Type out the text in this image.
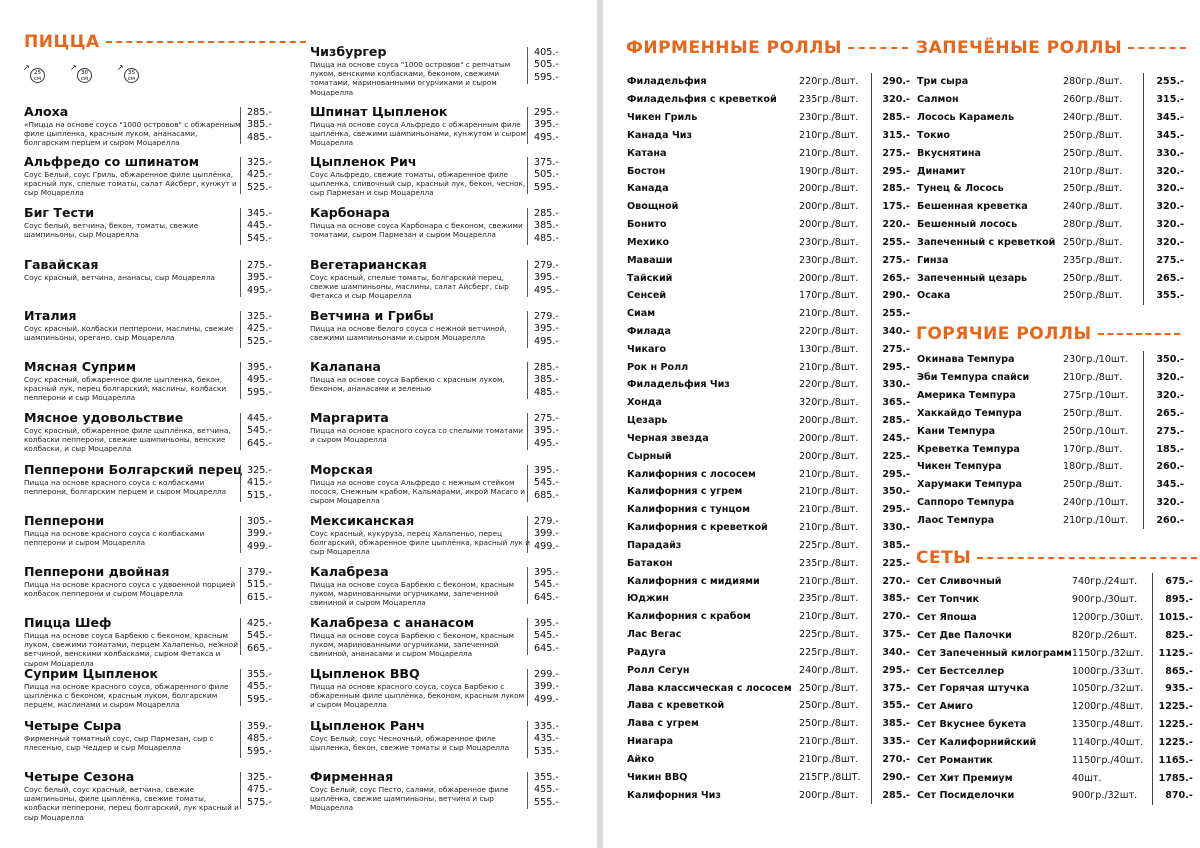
ПИЦЦА
↗
25
см
↗
30
см
↗
35
см
Алоха
«Пицца на основе соуса "1000 островов" с обжаренным филе цыпленка, красным луком, ананасами, болгарским перцем и сыром Моцарелла
285.-
385.-
485.-
Альфредо со шпинатом
Соус Белый, соус Гриль, обжаренное филе цыплёнка, красный лук, спелые томаты, салат Айсберг, кунжут и сыр Моцарелла
325.-
425.-
525.-
Биг Тести
Соус белый, ветчина, бекон, томаты, свежие шампиньоны, сыр Моцарелла
345.-
445.-
545.-
Гавайская
Соус красный, ветчина, ананасы, сыр Моцарелла
275.-
395.-
495.-
Италия
Соус красный, колбаски пепперони, маслины, свежие шампиньоны, орегано, сыр Моцарелла
325.-
425.-
525.-
Мясная Суприм
Соус красный, обжаренное филе цыпленка, бекон, красный лук, перец болгарский, маслины, колбаски пепперони и сыр Моцарелла
395.-
495.-
595.-
Мясное удовольствие
Соус красный, обжаренное филе цыплёнка, ветчина, колбаски пепперони, свежие шампиньоны, венские колбаски, и сыр Моцарелла
445.-
545.-
645.-
Пепперони Болгарский перец
Пицца на основе красного соуса с колбасками пепперони, болгарским перцем и сыром Моцарелла
325.-
415.-
515.-
Пепперони
Пицца на основе красного соуса с колбасками пепперони и сыром Моцарелла
305.-
399.-
499.-
Пепперони двойная
Пицца на основе красного соуса с удвоенной порцией колбасок пепперони и сыром Моцарелла
379.-
515.-
615.-
Пицца Шеф
Пицца на основе соуса Барбекю с беконом, красным луком, свежими томатами, перцем Халапеньо, нежной ветчиной, венскими колбасками, сыром Фетакса и сыром Моцарелла
425.-
545.-
665.-
Суприм Цыпленок
Пицца на основе красного соуса, обжаренного филе цыплёнка с беконом, красным луком, болгарским перцем, маслинами и сыром Моцарелла
355.-
455.-
595.-
Четыре Сыра
Фирменный томатный соус, сыр Пармезан, сыр с плесенью, сыр Чеддер и сыр Моцарелла
359.-
485.-
595.-
Четыре Сезона
Соус белый, соус красный, ветчина, свежие шампиньоны, филе цыплёнка, свежие томаты, колбаски пепперони, перец болгарский, лук красный и сыр Моцарелла
325.-
475.-
575.-
Чизбургер
Пицца на основе соуса "1000 островов" с репчатым луком, венскими колбасками, беконом, свежими томатами, маринованными огурчиками и сыром Моцарелла
405.-
505.-
595.-
Шпинат Цыпленок
Пицца на основе соуса Альфредо с обжаренным филе цыплёнка, свежими шампиньонами, кунжутом и сыром Моцарелла
295.-
395.-
495.-
Цыпленок Рич
Соус Альфредо, свежие томаты, обжаренное филе цыпленка, сливочный сыр, красный лук, бекон, чеснок, сыр Пармезан и сыр Моцарелла
375.-
505.-
595.-
Карбонара
Пицца на основе соуса Карбонара с беконом, свежими томатами, сыром Пармезан и сыром Моцарелла
285.-
385.-
485.-
Вегетарианская
Соус красный, спелые томаты, болгарский перец, свежие шампиньоны, маслины, салат Айсберг, сыр Фетакса и сыр Моцарелла
279.-
395.-
495.-
Ветчина и Грибы
Пицца на основе белого соуса с нежной ветчиной, свежими шампиньонами и сыром Моцарелла
279.-
395.-
495.-
Калапана
Пицца на основе соуса Барбекю с красным луком, беконом, ананасами и зеленью
285.-
385.-
485.-
Маргарита
Пицца на основе красного соуса со спелыми томатами и сыром Моцарелла
275.-
395.-
495.-
Морская
Пицца на основе соуса Альфредо с нежным стейком лосося, Снежным крабом, Кальмарами, икрой Масаго и сыром Моцарелла
395.-
545.-
685.-
Мексиканская
Соус красный, кукуруза, перец Халапеньо, перец болгарский, обжаренное филе цыплёнка, красный лук и сыр Моцарелла
279.-
399.-
499.-
Калабреза
Пицца на основе соуса Барбекю с беконом, красным луком, маринованными огурчиками, запеченной свининой и сыром Моцарелла
395.-
545.-
645.-
Калабреза с ананасом
Пицца на основе соуса Барбекю с беконом, красным луком, маринованными огурчиками, запеченной свининой, ананасами и сыром Моцарелла
395.-
545.-
645.-
Цыпленок BBQ
Пицца на основе красного соуса, соуса Барбекю с обжаренным филе цыплёнка, беконом, красным луком и сыром Моцарелла
299.-
399.-
499.-
Цыпленок Ранч
Соус Белый, соус Чесночный, обжаренное филе цыпленка, бекон, свежие томаты и сыр Моцарелла
335.-
435.-
535.-
Фирменная
Соус Белый, соус Песто, салями, обжаренное филе цыплёнка, свежие шампиньоны, ветчина и сыр Моцарелла
355.-
455.-
555.-
ФИРМЕННЫЕ РОЛЛЫ
Филадельфия	220гр./8шт.		290.-
Филадельфия с креветкой	235гр./8шт.		320.-
Чикен Гриль	230гр./8шт.		285.-
Канада Чиз	210гр./8шт.		315.-
Катана	210гр./8шт.		275.-
Бостон	190гр./8шт.		295.-
Канада	200гр./8шт.		285.-
Овощной	200гр./8шт.		175.-
Бонито	200гр./8шт.		220.-
Мехико	230гр./8шт.		255.-
Маваши	230гр./8шт.		275.-
Тайский	200гр./8шт.		265.-
Сенсей	170гр./8шт.		290.-
Сиам	210гр./8шт.		255.-
Филада	220гр./8шт.		340.-
Чикаго	130гр./8шт.		275.-
Рок н Ролл	210гр./8шт.		295.-
Филадельфия Чиз	220гр./8шт.		330.-
Хонда	320гр./8шт.		365.-
Цезарь	200гр./8шт.		285.-
Черная звезда	200гр./8шт.		245.-
Сырный	200гр./8шт.		225.-
Калифорния с лососем	210гр./8шт.		295.-
Калифорния с угрем	210гр./8шт.		350.-
Калифорния с тунцом	210гр./8шт.		295.-
Калифорния с креветкой	210гр./8шт.		330.-
Парадайз	225гр./8шт.		385.-
Батакон	235гр./8шт.		225.-
Калифорния с мидиями	210гр./8шт.		270.-
Юджин	235гр./8шт.		385.-
Калифорния с крабом	210гр./8шт.		270.-
Лас Вегас	225гр./8шт.		375.-
Радуга	225гр./8шт.		340.-
Ролл Сегун	240гр./8шт.		295.-
Лава классическая с лососем	250гр./8шт.		375.-
Лава с креветкой	250гр./8шт.		355.-
Лава с угрем	250гр./8шт.		385.-
Ниагара	210гр./8шт.		335.-
Айко	210гр./8шт.		270.-
Чикин BBQ	215ГР./8ШТ.		290.-
Калифорния Чиз	200гр./8шт.		285.-
ЗАПЕЧЁНЫЕ РОЛЛЫ
Три сыра	280гр./8шт.		255.-
Салмон	260гр./8шт.		315.-
Лосось Карамель	240гр./8шт.		345.-
Токио	250гр./8шт.		345.-
Вкуснятина	250гр./8шт.		330.-
Динамит	210гр./8шт.		320.-
Тунец & Лосось	250гр./8шт.		320.-
Бешенная креветка	240гр./8шт.		320.-
Бешенный лосось	280гр./8шт.		320.-
Запеченный с креветкой	250гр./8шт.		320.-
Гинза	235гр./8шт.		275.-
Запеченный цезарь	250гр./8шт.		265.-
Осака	250гр./8шт.		355.-
ГОРЯЧИЕ РОЛЛЫ
Окинава Темпура	230гр./10шт.		350.-
Эби Темпура спайси	210гр./8шт.		320.-
Америка Темпура	275гр./10шт.		320.-
Хаккайдо Темпура	250гр./8шт.		265.-
Кани Темпура	250гр./10шт.		275.-
Креветка Темпура	170гр./8шт.		185.-
Чикен Темпура	180гр./8шт.		260.-
Харумаки Темпура	250гр./8шт.		345.-
Саппоро Темпура	240гр./10шт.		320.-
Лаос Темпура	210гр./10шт.		260.-
СЕТЫ
Сет Сливочный	740гр./24шт.		675.-
Сет Топчик	900гр./30шт.		895.-
Сет Япоша	1200гр./30шт.		1015.-
Сет Две Палочки	820гр./26шт.		825.-
Сет Запеченный килограмм	1150гр./32шт.		1125.-
Сет Бестселлер	1000гр./33шт.		865.-
Сет Горячая штучка	1050гр./32шт.		935.-
Сет Амиго	1200гр./48шт.		1225.-
Сет Вкуснее букета	1350гр./48шт.		1225.-
Сет Калифорнийский	1140гр./40шт.		1225.-
Сет Романтик	1150гр./40шт.		1165.-
Сет Хит Премиум	40шт.		1785.-
Сет Посиделочки	900гр./32шт.		870.-
